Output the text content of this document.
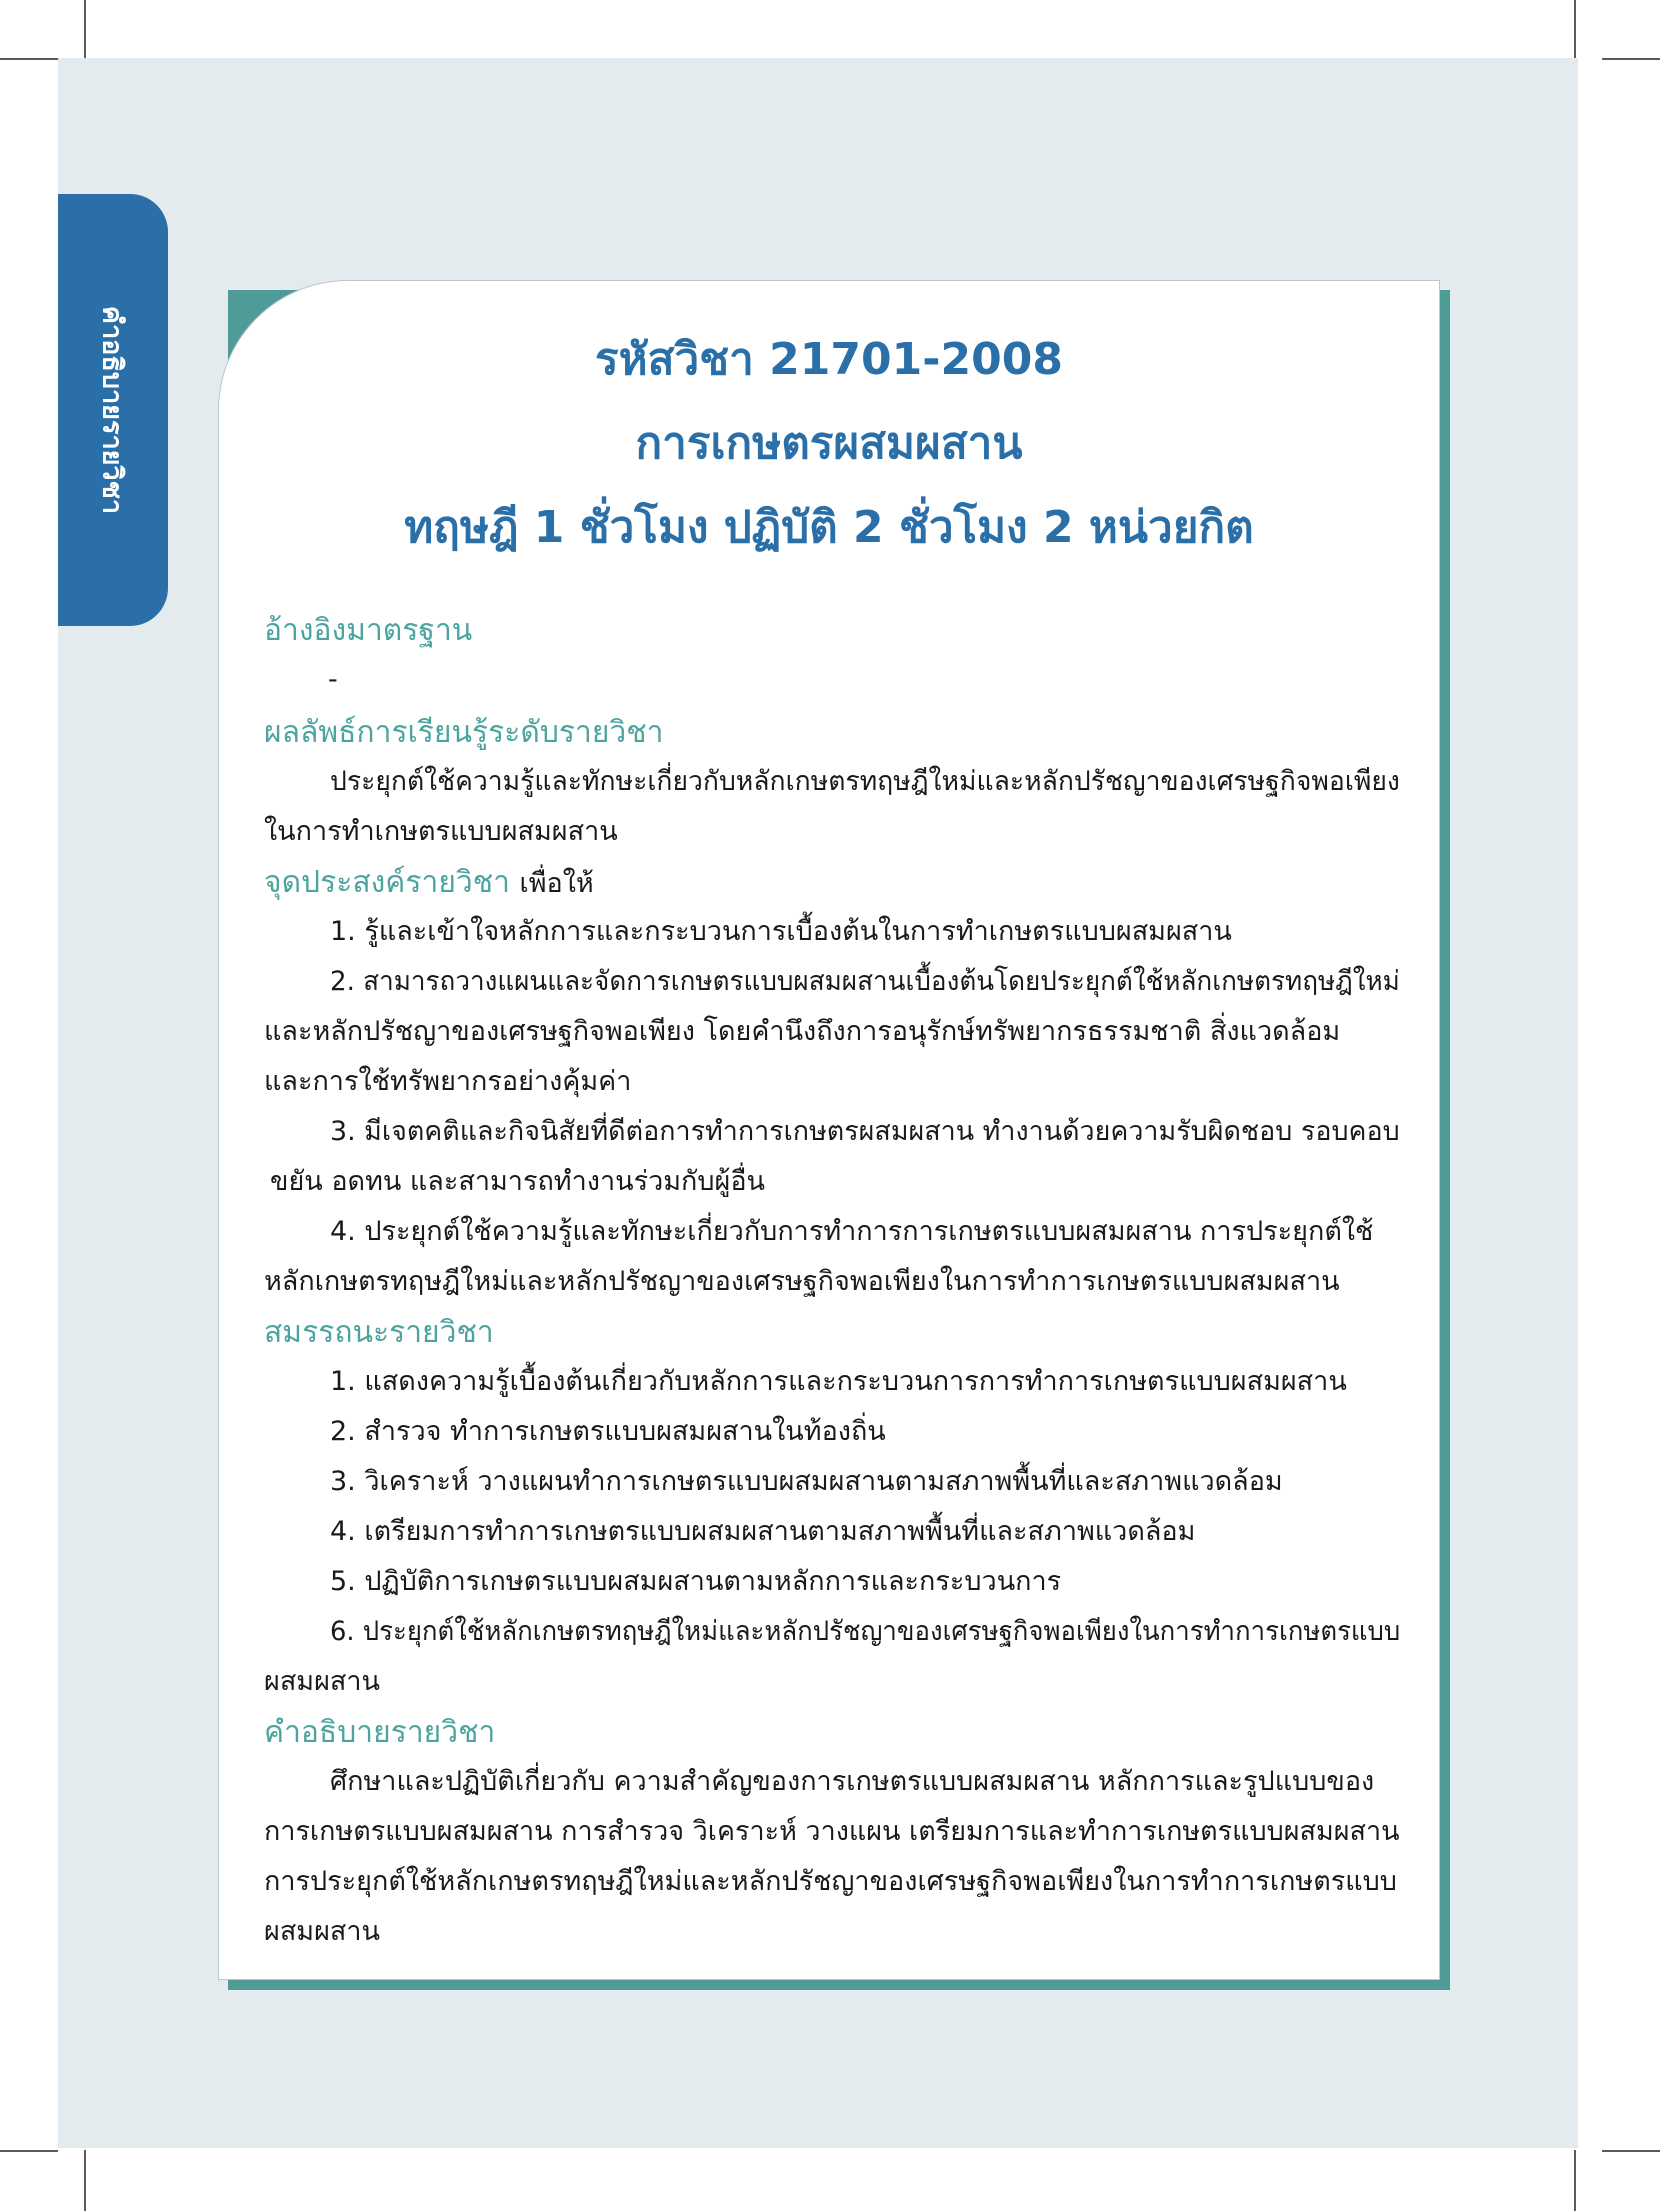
คำอธิบายรายวิชา	รหัสวิชา 21701-2008
การเกษตรผสมผสาน
ทฤษฎี 1 ชั่วโมง ปฏิบัติ 2 ชั่วโมง 2 หน่วยกิต
อ้างอิงมาตรฐาน
-
ผลลัพธ์การเรียนรู้ระดับรายวิชา
ประยุกต์ใช้ความรู้และทักษะเกี่ยวกับหลักเกษตรทฤษฎีใหม่และหลักปรัชญาของเศรษฐกิจพอเพียง
ในการทำเกษตรแบบผสมผสาน
จุดประสงค์รายวิชา เพื่อให้
1. รู้และเข้าใจหลักการและกระบวนการเบื้องต้นในการทำเกษตรแบบผสมผสาน
2. สามารถวางแผนและจัดการเกษตรแบบผสมผสานเบื้องต้นโดยประยุกต์ใช้หลักเกษตรทฤษฎีใหม่
และหลักปรัชญาของเศรษฐกิจพอเพียง โดยคำนึงถึงการอนุรักษ์ทรัพยากรธรรมชาติ สิ่งแวดล้อม
และการใช้ทรัพยากรอย่างคุ้มค่า
3. มีเจตคติและกิจนิสัยที่ดีต่อการทำการเกษตรผสมผสาน ทำงานด้วยความรับผิดชอบ รอบคอบ
ขยัน อดทน และสามารถทำงานร่วมกับผู้อื่น
4. ประยุกต์ใช้ความรู้และทักษะเกี่ยวกับการทำการการเกษตรแบบผสมผสาน การประยุกต์ใช้
หลักเกษตรทฤษฎีใหม่และหลักปรัชญาของเศรษฐกิจพอเพียงในการทำการเกษตรแบบผสมผสาน
สมรรถนะรายวิชา
1. แสดงความรู้เบื้องต้นเกี่ยวกับหลักการและกระบวนการการทำการเกษตรแบบผสมผสาน
2. สำรวจ ทำการเกษตรแบบผสมผสานในท้องถิ่น
3. วิเคราะห์ วางแผนทำการเกษตรแบบผสมผสานตามสภาพพื้นที่และสภาพแวดล้อม
4. เตรียมการทำการเกษตรแบบผสมผสานตามสภาพพื้นที่และสภาพแวดล้อม
5. ปฏิบัติการเกษตรแบบผสมผสานตามหลักการและกระบวนการ
6. ประยุกต์ใช้หลักเกษตรทฤษฎีใหม่และหลักปรัชญาของเศรษฐกิจพอเพียงในการทำการเกษตรแบบ
ผสมผสาน
คำอธิบายรายวิชา
ศึกษาและปฏิบัติเกี่ยวกับ ความสำคัญของการเกษตรแบบผสมผสาน หลักการและรูปแบบของ
การเกษตรแบบผสมผสาน การสำรวจ วิเคราะห์ วางแผน เตรียมการและทำการเกษตรแบบผสมผสาน
การประยุกต์ใช้หลักเกษตรทฤษฎีใหม่และหลักปรัชญาของเศรษฐกิจพอเพียงในการทำการเกษตรแบบ
ผสมผสาน
